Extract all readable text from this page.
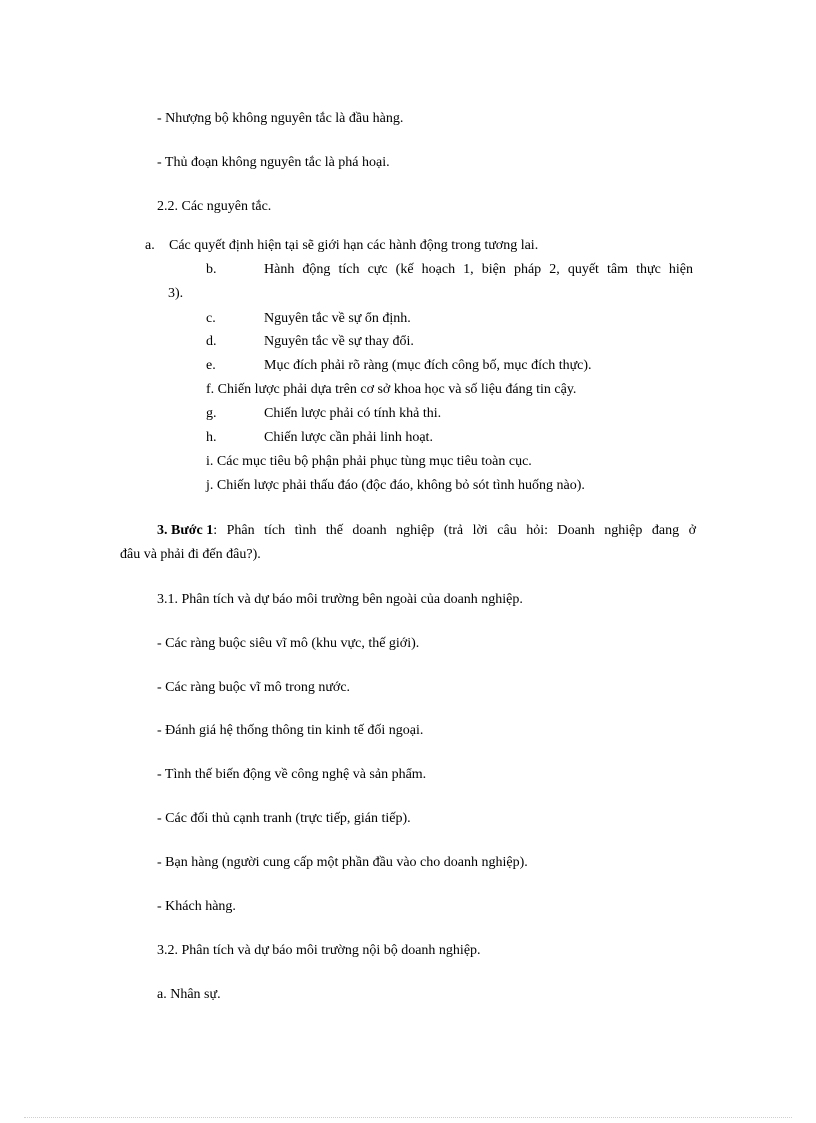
- Nhượng bộ không nguyên tắc là đầu hàng.
- Thủ đoạn không nguyên tắc là phá hoại.
2.2. Các nguyên tắc.
a. Các quyết định hiện tại sẽ giới hạn các hành động trong tương lai.
b.	Hành động tích cực (kế hoạch 1, biện pháp 2, quyết tâm thực hiện
3).
c.	Nguyên tắc về sự ổn định.
d.	Nguyên tắc về sự thay đổi.
e.	Mục đích phải rõ ràng (mục đích công bố, mục đích thực).
f. Chiến lược phải dựa trên cơ sở khoa học và số liệu đáng tin cậy.
g.	Chiến lược phải có tính khả thi.
h.	Chiến lược cần phải linh hoạt.
i. Các mục tiêu bộ phận phải phục tùng mục tiêu toàn cục.
j. Chiến lược phải thấu đáo (độc đáo, không bỏ sót tình huống nào).
3. Bước 1 : Phân tích tình thế doanh nghiệp (trả lời câu hỏi: Doanh nghiệp đang ở
đâu và phải đi đến đâu?).
3.1. Phân tích và dự báo môi trường bên ngoài của doanh nghiệp.
- Các ràng buộc siêu vĩ mô (khu vực, thế giới).
- Các ràng buộc vĩ mô trong nước.
- Đánh giá hệ thống thông tin kinh tế đối ngoại.
- Tình thế biến động về công nghệ và sản phẩm.
- Các đối thủ cạnh tranh (trực tiếp, gián tiếp).
- Bạn hàng (người cung cấp một phần đầu vào cho doanh nghiệp).
- Khách hàng.
3.2. Phân tích và dự báo môi trường nội bộ doanh nghiệp.
a. Nhân sự.
